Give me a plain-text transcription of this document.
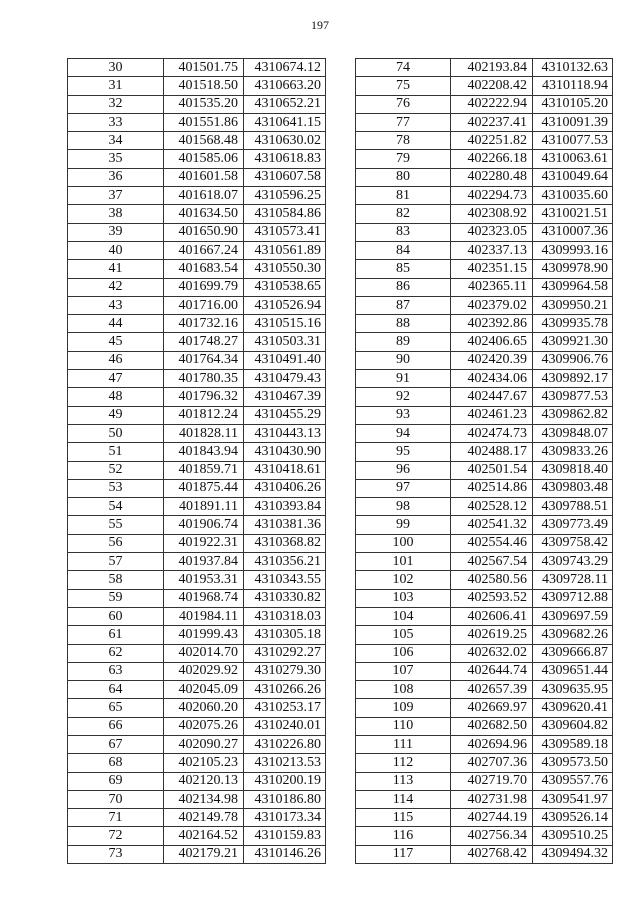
197
30	401501.75	4310674.12
31	401518.50	4310663.20
32	401535.20	4310652.21
33	401551.86	4310641.15
34	401568.48	4310630.02
35	401585.06	4310618.83
36	401601.58	4310607.58
37	401618.07	4310596.25
38	401634.50	4310584.86
39	401650.90	4310573.41
40	401667.24	4310561.89
41	401683.54	4310550.30
42	401699.79	4310538.65
43	401716.00	4310526.94
44	401732.16	4310515.16
45	401748.27	4310503.31
46	401764.34	4310491.40
47	401780.35	4310479.43
48	401796.32	4310467.39
49	401812.24	4310455.29
50	401828.11	4310443.13
51	401843.94	4310430.90
52	401859.71	4310418.61
53	401875.44	4310406.26
54	401891.11	4310393.84
55	401906.74	4310381.36
56	401922.31	4310368.82
57	401937.84	4310356.21
58	401953.31	4310343.55
59	401968.74	4310330.82
60	401984.11	4310318.03
61	401999.43	4310305.18
62	402014.70	4310292.27
63	402029.92	4310279.30
64	402045.09	4310266.26
65	402060.20	4310253.17
66	402075.26	4310240.01
67	402090.27	4310226.80
68	402105.23	4310213.53
69	402120.13	4310200.19
70	402134.98	4310186.80
71	402149.78	4310173.34
72	402164.52	4310159.83
73	402179.21	4310146.26
74	402193.84	4310132.63
75	402208.42	4310118.94
76	402222.94	4310105.20
77	402237.41	4310091.39
78	402251.82	4310077.53
79	402266.18	4310063.61
80	402280.48	4310049.64
81	402294.73	4310035.60
82	402308.92	4310021.51
83	402323.05	4310007.36
84	402337.13	4309993.16
85	402351.15	4309978.90
86	402365.11	4309964.58
87	402379.02	4309950.21
88	402392.86	4309935.78
89	402406.65	4309921.30
90	402420.39	4309906.76
91	402434.06	4309892.17
92	402447.67	4309877.53
93	402461.23	4309862.82
94	402474.73	4309848.07
95	402488.17	4309833.26
96	402501.54	4309818.40
97	402514.86	4309803.48
98	402528.12	4309788.51
99	402541.32	4309773.49
100	402554.46	4309758.42
101	402567.54	4309743.29
102	402580.56	4309728.11
103	402593.52	4309712.88
104	402606.41	4309697.59
105	402619.25	4309682.26
106	402632.02	4309666.87
107	402644.74	4309651.44
108	402657.39	4309635.95
109	402669.97	4309620.41
110	402682.50	4309604.82
111	402694.96	4309589.18
112	402707.36	4309573.50
113	402719.70	4309557.76
114	402731.98	4309541.97
115	402744.19	4309526.14
116	402756.34	4309510.25
117	402768.42	4309494.32
